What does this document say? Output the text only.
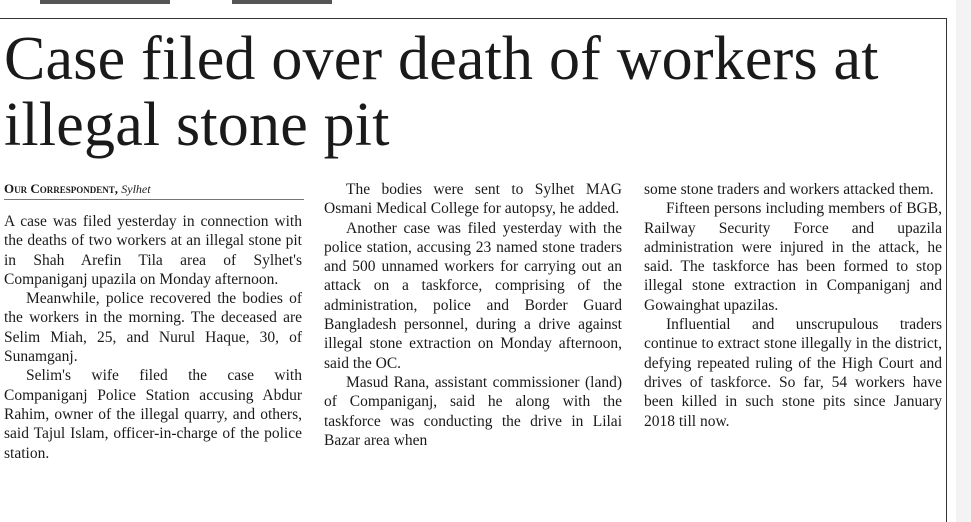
Case filed over death of workers at illegal stone pit
Our Correspondent, Sylhet

A case was filed yesterday in connection with the deaths of two workers at an illegal stone pit in Shah Arefin Tila area of Sylhet's Companiganj upazila on Monday afternoon.

Meanwhile, police recovered the bodies of the workers in the morning. The deceased are Selim Miah, 25, and Nurul Haque, 30, of Sunamganj.

Selim's wife filed the case with Companiganj Police Station accusing Abdur Rahim, owner of the illegal quarry, and others, said Tajul Islam, officer-in-charge of the police station.

The bodies were sent to Sylhet MAG Osmani Medical College for autopsy, he added.

Another case was filed yesterday with the police station, accusing 23 named stone traders and 500 unnamed workers for carrying out an attack on a taskforce, comprising of the administration, police and Border Guard Bangladesh personnel, during a drive against illegal stone extraction on Monday afternoon, said the OC.

Masud Rana, assistant commissioner (land) of Companiganj, said he along with the taskforce was conducting the drive in Lilai Bazar area when

some stone traders and workers attacked them.

Fifteen persons including members of BGB, Railway Security Force and upazila administration were injured in the attack, he said. The taskforce has been formed to stop illegal stone extraction in Companiganj and Gowainghat upazilas.

Influential and unscrupulous traders continue to extract stone illegally in the district, defying repeated ruling of the High Court and drives of taskforce. So far, 54 workers have been killed in such stone pits since January 2018 till now.
